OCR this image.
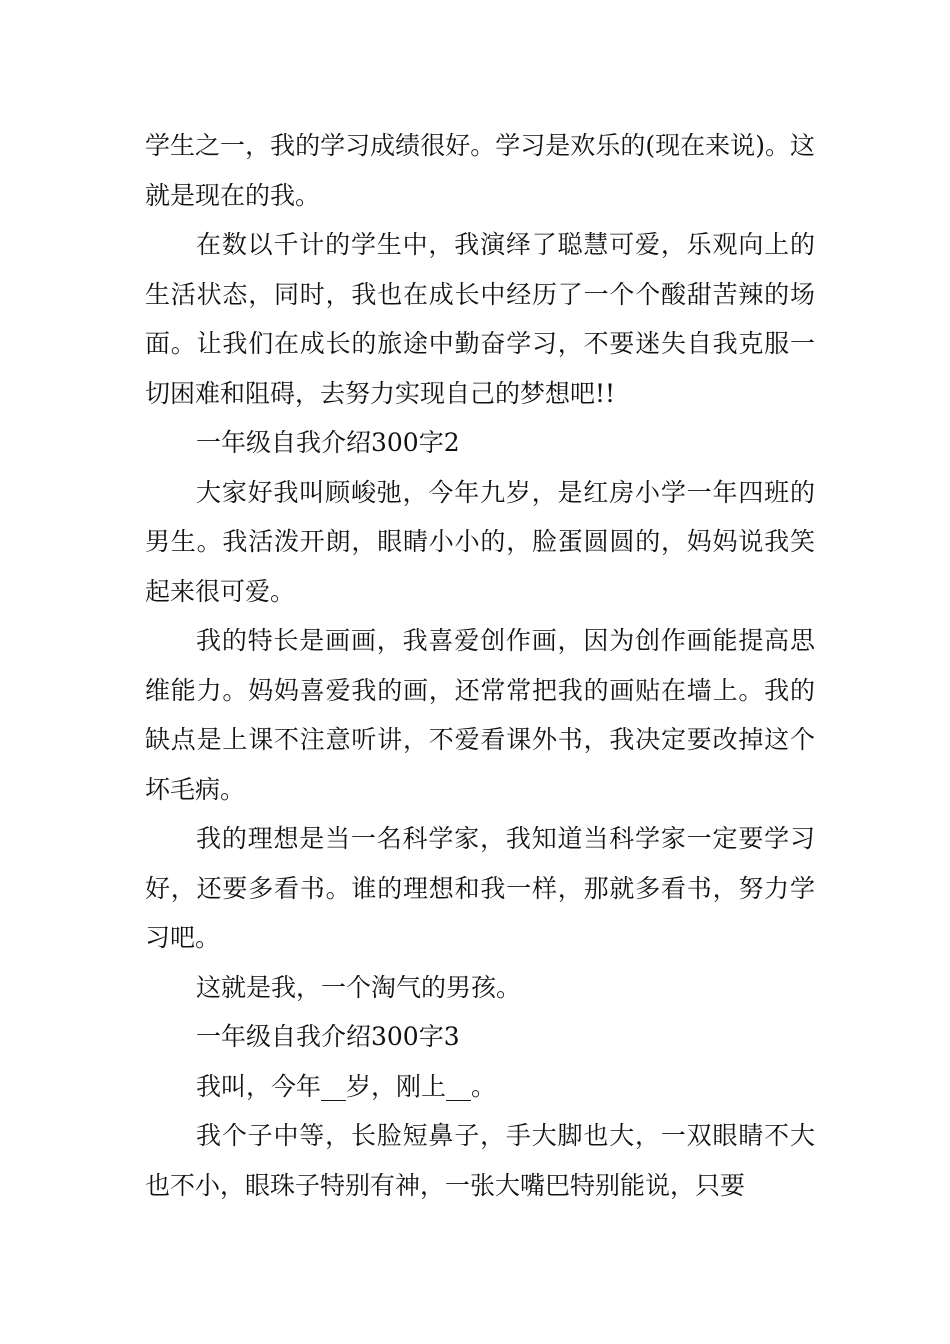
学生之一，我的学习成绩很好。学习是欢乐的(现在来说)。这就是现在的我。

在数以千计的学生中，我演绎了聪慧可爱，乐观向上的生活状态，同时，我也在成长中经历了一个个酸甜苦辣的场面。让我们在成长的旅途中勤奋学习，不要迷失自我克服一切困难和阻碍，去努力实现自己的梦想吧!!

一年级自我介绍300字2

大家好我叫顾峻弛，今年九岁，是红房小学一年四班的男生。我活泼开朗，眼睛小小的，脸蛋圆圆的，妈妈说我笑起来很可爱。

我的特长是画画，我喜爱创作画，因为创作画能提高思维能力。妈妈喜爱我的画，还常常把我的画贴在墙上。我的缺点是上课不注意听讲，不爱看课外书，我决定要改掉这个坏毛病。

我的理想是当一名科学家，我知道当科学家一定要学习好，还要多看书。谁的理想和我一样，那就多看书，努力学习吧。

这就是我，一个淘气的男孩。

一年级自我介绍300字3

我叫，今年__岁，刚上__。

我个子中等，长脸短鼻子，手大脚也大，一双眼睛不大也不小，眼珠子特别有神，一张大嘴巴特别能说，只要
